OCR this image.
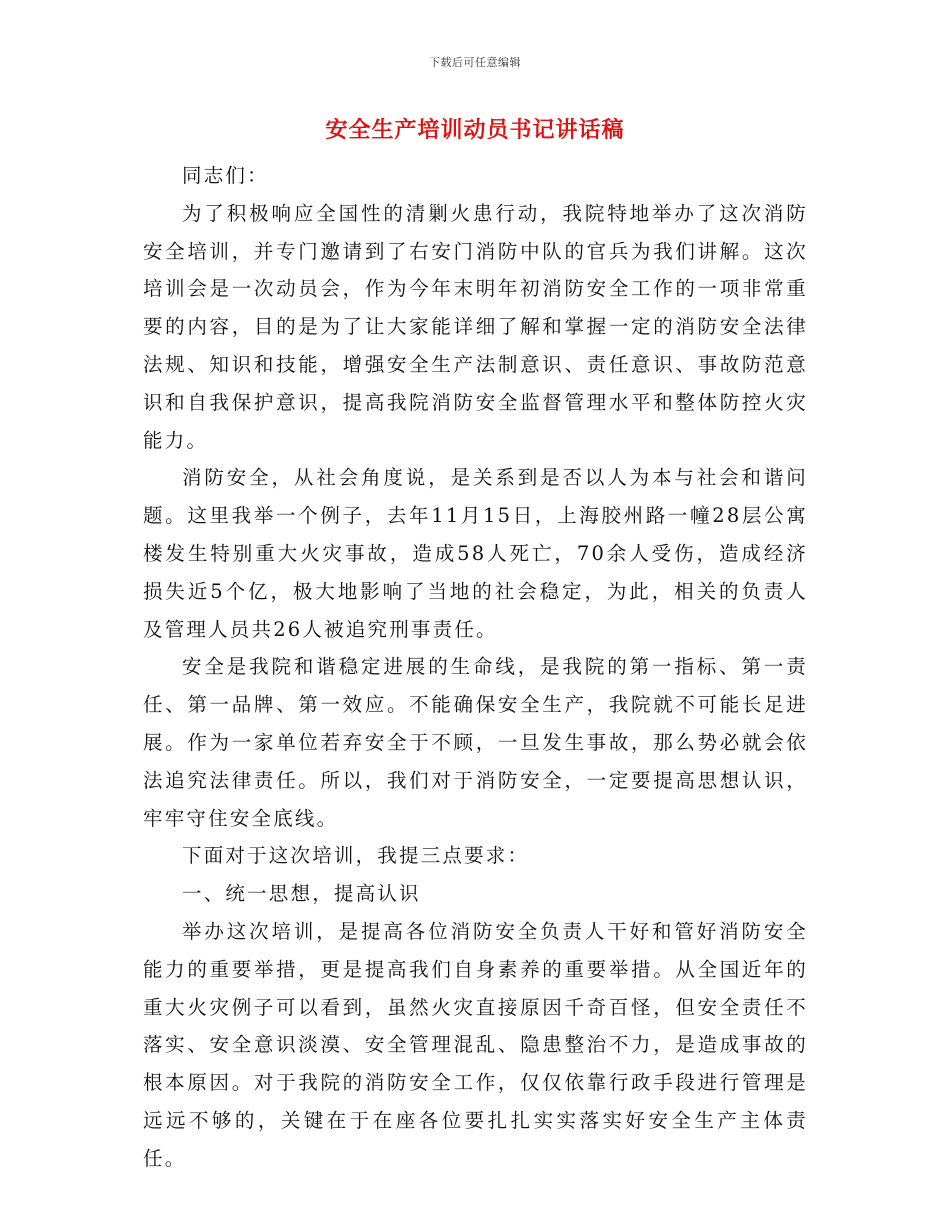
下载后可任意编辑
安全生产培训动员书记讲话稿

同志们：

为了积极响应全国性的清剿火患行动，我院特地举办了这次消防安全培训，并专门邀请到了右安门消防中队的官兵为我们讲解。这次培训会是一次动员会，作为今年末明年初消防安全工作的一项非常重要的内容，目的是为了让大家能详细了解和掌握一定的消防安全法律法规、知识和技能，增强安全生产法制意识、责任意识、事故防范意识和自我保护意识，提高我院消防安全监督管理水平和整体防控火灾能力。

消防安全，从社会角度说，是关系到是否以人为本与社会和谐问题。这里我举一个例子，去年11月15日，上海胶州路一幢28层公寓楼发生特别重大火灾事故，造成58人死亡，70余人受伤，造成经济损失近5个亿，极大地影响了当地的社会稳定，为此，相关的负责人及管理人员共26人被追究刑事责任。

安全是我院和谐稳定进展的生命线，是我院的第一指标、第一责任、第一品牌、第一效应。不能确保安全生产，我院就不可能长足进展。作为一家单位若弃安全于不顾，一旦发生事故，那么势必就会依法追究法律责任。所以，我们对于消防安全，一定要提高思想认识，牢牢守住安全底线。

下面对于这次培训，我提三点要求：

一、统一思想，提高认识

举办这次培训，是提高各位消防安全负责人干好和管好消防安全能力的重要举措，更是提高我们自身素养的重要举措。从全国近年的重大火灾例子可以看到，虽然火灾直接原因千奇百怪，但安全责任不落实、安全意识淡漠、安全管理混乱、隐患整治不力，是造成事故的根本原因。对于我院的消防安全工作，仅仅依靠行政手段进行管理是远远不够的，关键在于在座各位要扎扎实实落实好安全生产主体责任。
